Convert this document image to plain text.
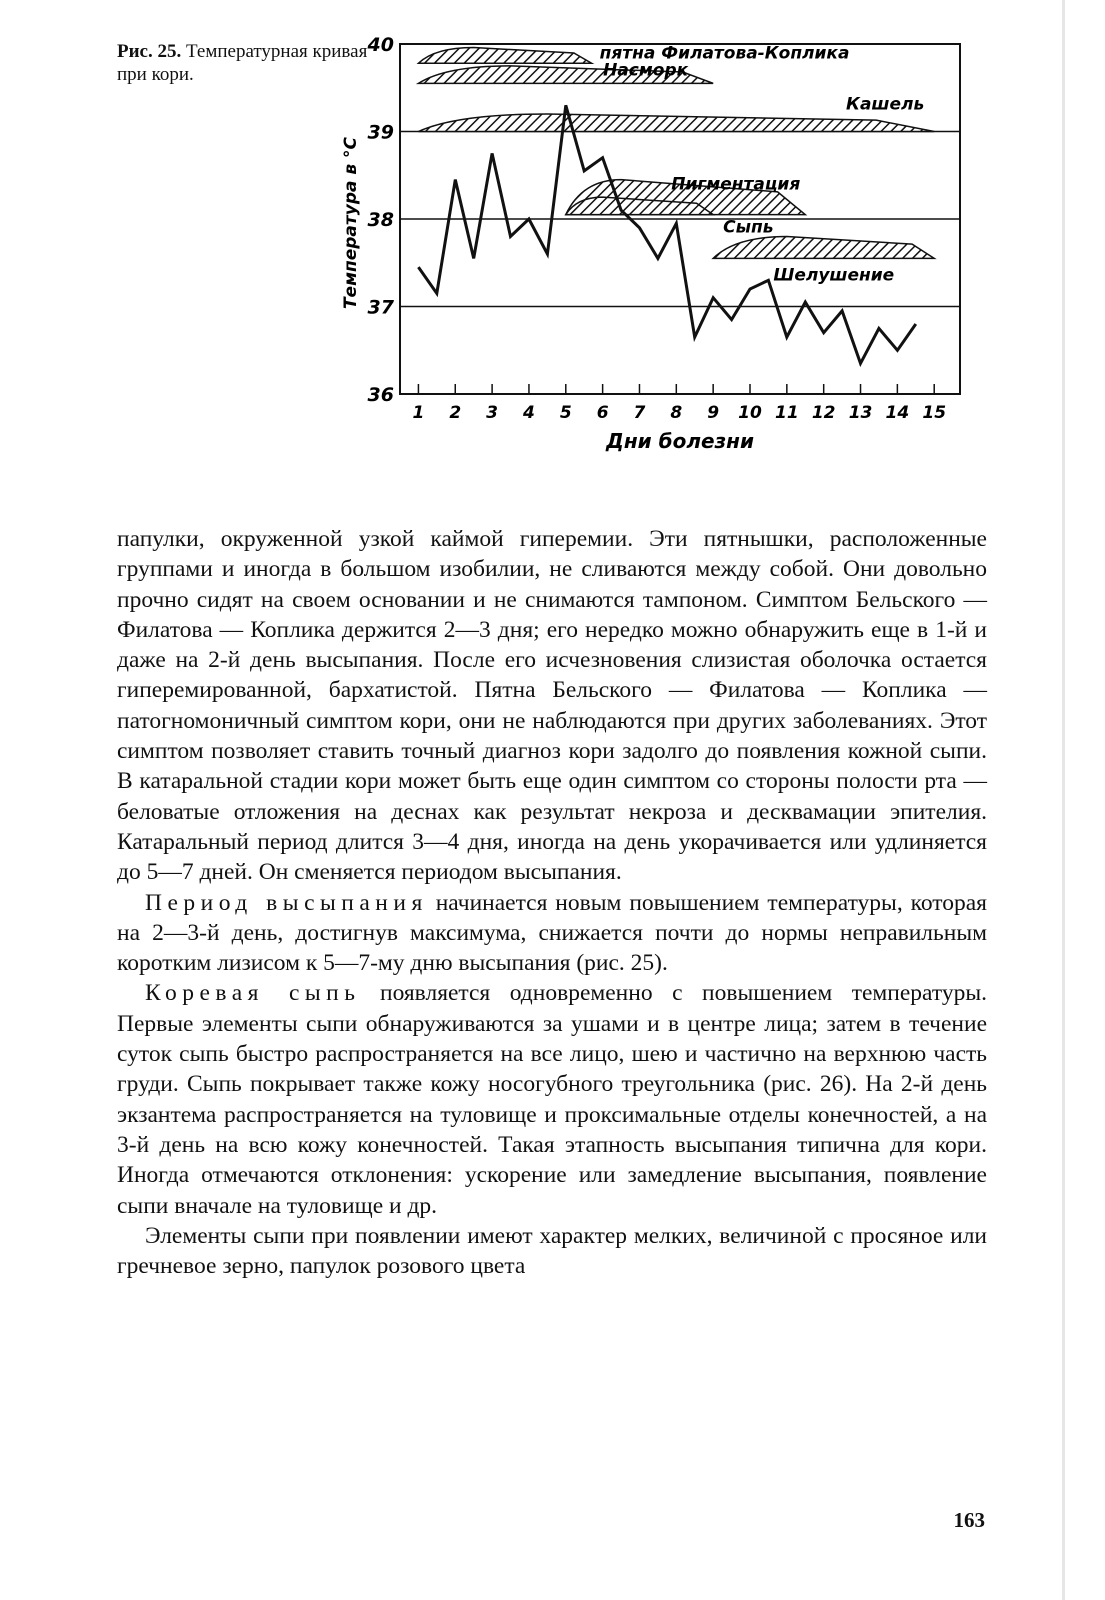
Рис. 25. Температурная кривая при кори.
40
39
38
37
36
1 2 3 4 5 6 7 8 9 10 11 12 13 14 15
пятна Филатова-Коплика
Насморк
Кашель
Пигментация
Сыпь
Шелушение
Температура в °С
Дни болезни

папулки, окруженной узкой каймой гиперемии. Эти пятнышки, расположенные группами и иногда в большом изобилии, не сливаются между собой. Они довольно прочно сидят на своем основании и не снимаются тампоном. Симптом Бельского — Филатова — Коплика держится 2—3 дня; его нередко можно обнаружить еще в 1-й и даже на 2-й день высыпания. После его исчезновения слизистая оболочка остается гиперемированной, бархатистой. Пятна Бельского — Филатова — Коплика — патогномоничный симптом кори, они не наблюдаются при других заболеваниях. Этот симптом позволяет ставить точный диагноз кори задолго до появления кожной сыпи. В катаральной стадии кори может быть еще один симптом со стороны полости рта — беловатые отложения на деснах как результат некроза и десквамации эпителия. Катаральный период длится 3—4 дня, иногда на день укорачивается или удлиняется до 5—7 дней. Он сменяется периодом высыпания.

Период высыпания начинается новым повышением температуры, которая на 2—3-й день, достигнув максимума, снижается почти до нормы неправильным коротким лизисом к 5—7-му дню высыпания (рис. 25).

Коревая сыпь появляется одновременно с повышением температуры. Первые элементы сыпи обнаруживаются за ушами и в центре лица; затем в течение суток сыпь быстро распространяется на все лицо, шею и частично на верхнюю часть груди. Сыпь покрывает также кожу носогубного треугольника (рис. 26). На 2-й день экзантема распространяется на туловище и проксимальные отделы конечностей, а на 3-й день на всю кожу конечностей. Такая этапность высыпания типична для кори. Иногда отмечаются отклонения: ускорение или замедление высыпания, появление сыпи вначале на туловище и др.

Элементы сыпи при появлении имеют характер мелких, величиной с просяное или гречневое зерно, папулок розового цвета

163
